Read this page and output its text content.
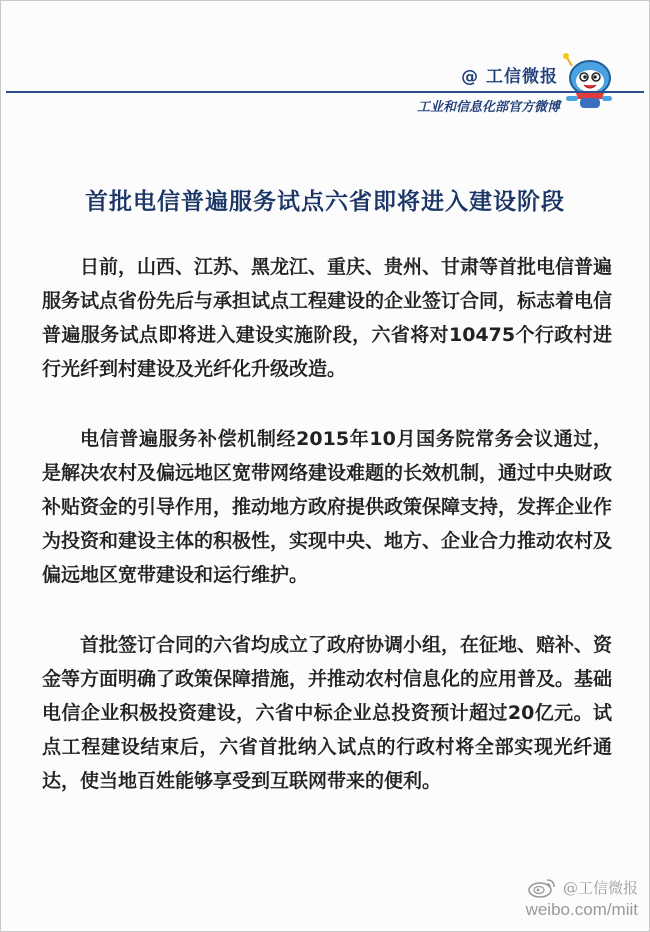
@ 工信微报
工业和信息化部官方微博
首批电信普遍服务试点六省即将进入建设阶段

日前，山西、江苏、黑龙江、重庆、贵州、甘肃等首批电信普遍服务试点省份先后与承担试点工程建设的企业签订合同，标志着电信普遍服务试点即将进入建设实施阶段，六省将对10475个行政村进行光纤到村建设及光纤化升级改造。

电信普遍服务补偿机制经2015年10月国务院常务会议通过，是解决农村及偏远地区宽带网络建设难题的长效机制，通过中央财政补贴资金的引导作用，推动地方政府提供政策保障支持，发挥企业作为投资和建设主体的积极性，实现中央、地方、企业合力推动农村及偏远地区宽带建设和运行维护。

首批签订合同的六省均成立了政府协调小组，在征地、赔补、资金等方面明确了政策保障措施，并推动农村信息化的应用普及。基础电信企业积极投资建设，六省中标企业总投资预计超过20亿元。试点工程建设结束后，六省首批纳入试点的行政村将全部实现光纤通达，使当地百姓能够享受到互联网带来的便利。

@工信微报
weibo.com/miit
